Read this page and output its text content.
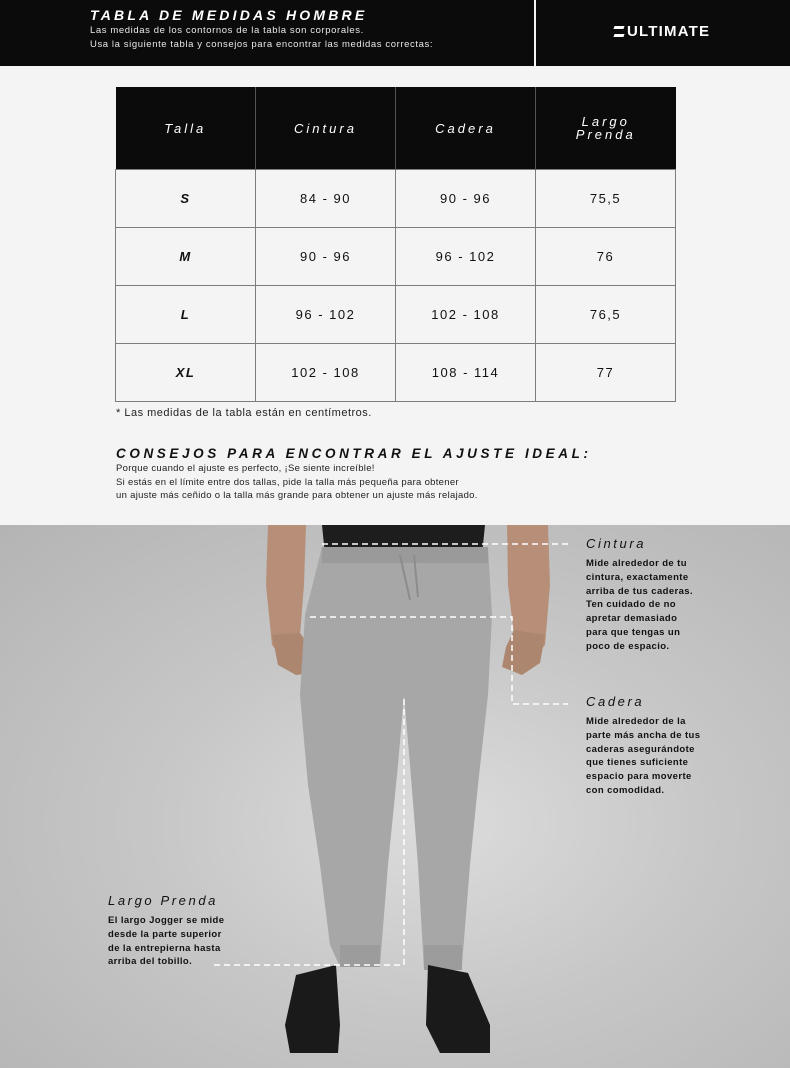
TABLA DE MEDIDAS HOMBRE
Las medidas de los contornos de la tabla son corporales.
Usa la siguiente tabla y consejos para encontrar las medidas correctas:
ULTIMATE
Talla	Cintura	Cadera	Largo Prenda
S	84 - 90	90 - 96	75,5
M	90 - 96	96 - 102	76
L	96 - 102	102 - 108	76,5
XL	102 - 108	108 - 114	77
* Las medidas de la tabla están en centímetros.
CONSEJOS PARA ENCONTRAR EL AJUSTE IDEAL:
Porque cuando el ajuste es perfecto, ¡Se siente increíble!
Si estás en el límite entre dos tallas, pide la talla más pequeña para obtener
un ajuste más ceñido o la talla más grande para obtener un ajuste más relajado.
Cintura
Mide alrededor de tu
cintura, exactamente
arriba de tus caderas.
Ten cuidado de no
apretar demasiado
para que tengas un
poco de espacio.
Cadera
Mide alrededor de la
parte más ancha de tus
caderas asegurándote
que tienes suficiente
espacio para moverte
con comodidad.
Largo Prenda
El largo Jogger se mide
desde la parte superior
de la entrepierna hasta
arriba del tobillo.
